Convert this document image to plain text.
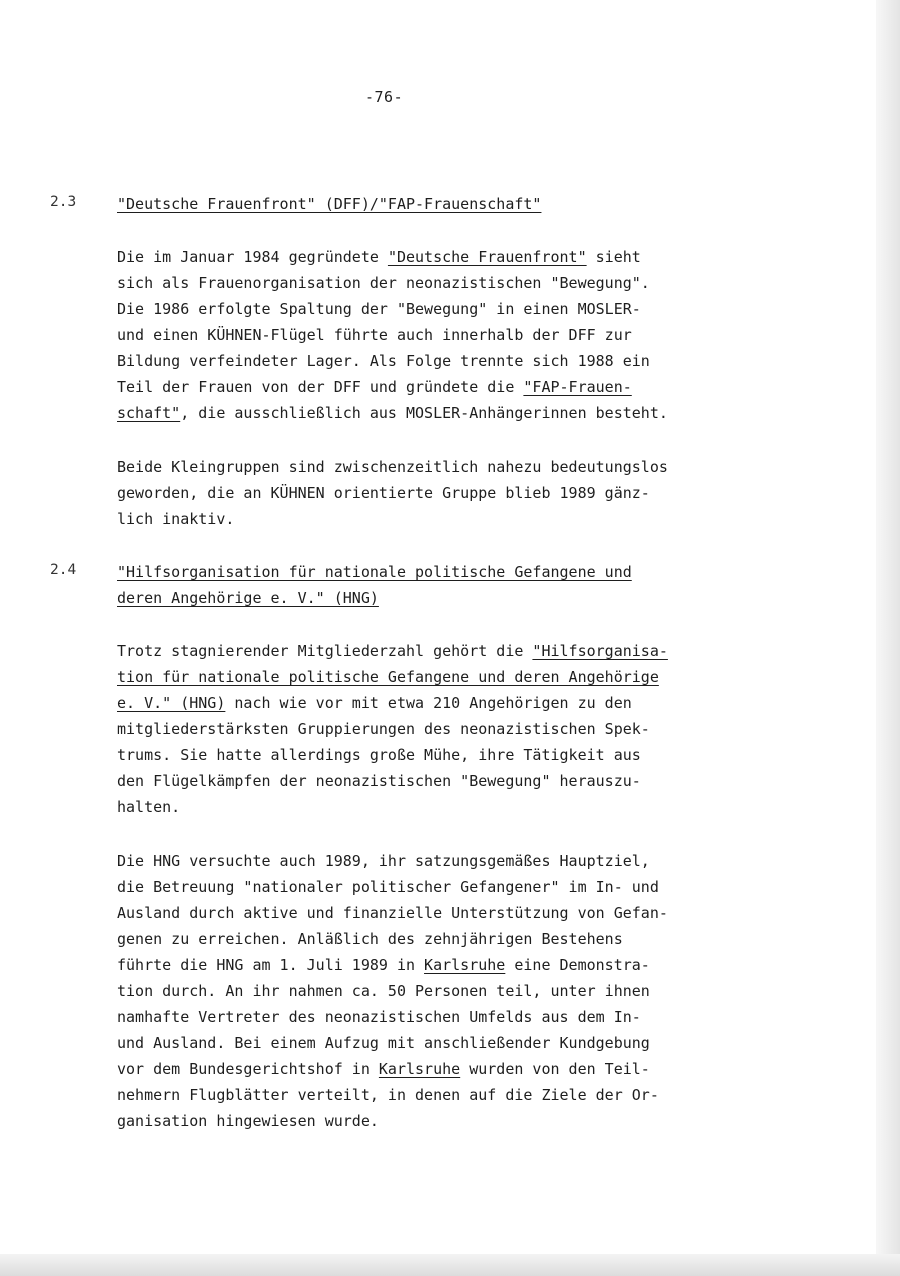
-76-
2.3	"Deutsche Frauenfront" (DFF)/"FAP-Frauenschaft"
Die im Januar 1984 gegründete "Deutsche Frauenfront" sieht
sich als Frauenorganisation der neonazistischen "Bewegung".
Die 1986 erfolgte Spaltung der "Bewegung" in einen MOSLER-
und einen KÜHNEN-Flügel führte auch innerhalb der DFF zur
Bildung verfeindeter Lager. Als Folge trennte sich 1988 ein
Teil der Frauen von der DFF und gründete die "FAP-Frauen-
schaft", die ausschließlich aus MOSLER-Anhängerinnen besteht.
Beide Kleingruppen sind zwischenzeitlich nahezu bedeutungslos
geworden, die an KÜHNEN orientierte Gruppe blieb 1989 gänz-
lich inaktiv.
2.4	"Hilfsorganisation für nationale politische Gefangene und
deren Angehörige e. V." (HNG)
Trotz stagnierender Mitgliederzahl gehört die "Hilfsorganisa-
tion für nationale politische Gefangene und deren Angehörige
e. V." (HNG) nach wie vor mit etwa 210 Angehörigen zu den
mitgliederstärksten Gruppierungen des neonazistischen Spek-
trums. Sie hatte allerdings große Mühe, ihre Tätigkeit aus
den Flügelkämpfen der neonazistischen "Bewegung" herauszu-
halten.
Die HNG versuchte auch 1989, ihr satzungsgemäßes Hauptziel,
die Betreuung "nationaler politischer Gefangener" im In- und
Ausland durch aktive und finanzielle Unterstützung von Gefan-
genen zu erreichen. Anläßlich des zehnjährigen Bestehens
führte die HNG am 1. Juli 1989 in Karlsruhe eine Demonstra-
tion durch. An ihr nahmen ca. 50 Personen teil, unter ihnen
namhafte Vertreter des neonazistischen Umfelds aus dem In-
und Ausland. Bei einem Aufzug mit anschließender Kundgebung
vor dem Bundesgerichtshof in Karlsruhe wurden von den Teil-
nehmern Flugblätter verteilt, in denen auf die Ziele der Or-
ganisation hingewiesen wurde.
